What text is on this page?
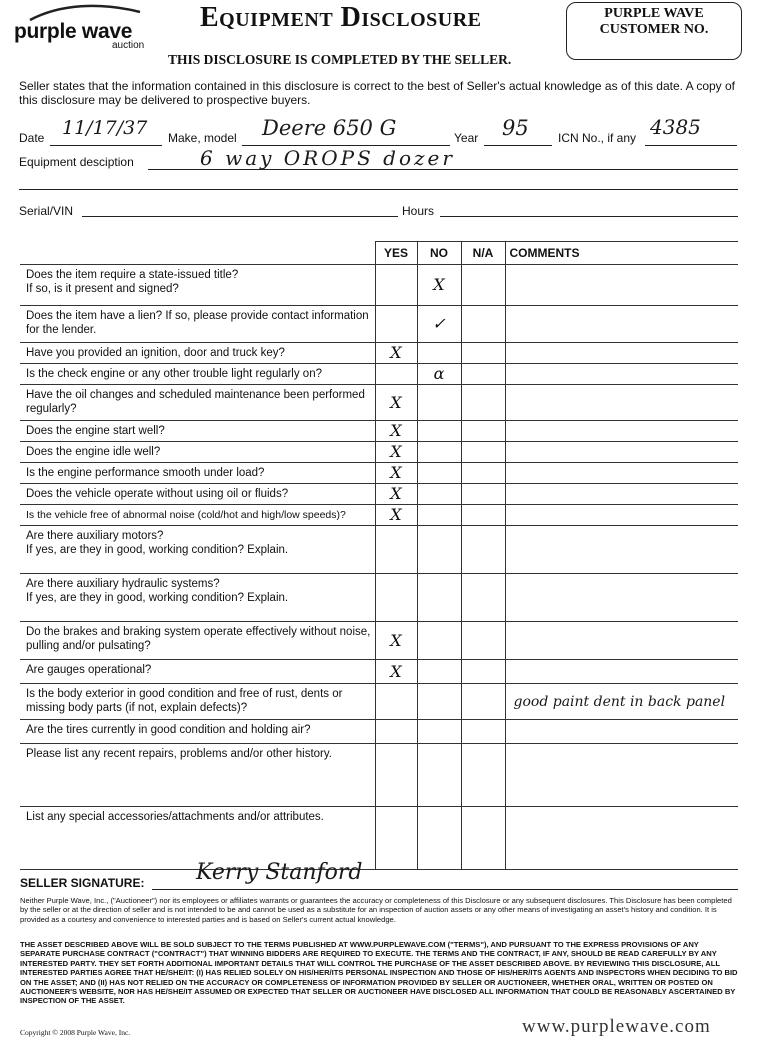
purple wave
auction
Equipment Disclosure
THIS DISCLOSURE IS COMPLETED BY THE SELLER.
PURPLE WAVE CUSTOMER NO.
Seller states that the information contained in this disclosure is correct to the best of Seller's actual knowledge as of this date. A copy of this disclosure may be delivered to prospective buyers.
Date 11/17/37 Make, model Deere 650 G	Year 95 ICN No., if any 4385
Equipment desciption	6 way OROPS dozer
Serial/VIN	Hours
	YES	NO	N/A	COMMENTS
Does the item require a state-issued title?
If so, is it present and signed?		X		
Does the item have a lien? If so, please provide contact information for the lender.		✓		
Have you provided an ignition, door and truck key?	X			
Is the check engine or any other trouble light regularly on?		α		
Have the oil changes and scheduled maintenance been performed regularly?	X			
Does the engine start well?	X			
Does the engine idle well?	X			
Is the engine performance smooth under load?	X			
Does the vehicle operate without using oil or fluids?	X			
Is the vehicle free of abnormal noise (cold/hot and high/low speeds)?	X			
Are there auxiliary motors?
If yes, are they in good, working condition? Explain.				
Are there auxiliary hydraulic systems?
If yes, are they in good, working condition? Explain.				
Do the brakes and braking system operate effectively without noise, pulling and/or pulsating?	X			
Are gauges operational?	X			
Is the body exterior in good condition and free of rust, dents or missing body parts (if not, explain defects)?				good paint dent in back panel
Are the tires currently in good condition and holding air?				
Please list any recent repairs, problems and/or other history.				
List any special accessories/attachments and/or attributes.				
SELLER SIGNATURE: Kerry Stanford
Neither Purple Wave, Inc., ("Auctioneer") nor its employees or affiliates warrants or guarantees the accuracy or completeness of this Disclosure or any subsequent disclosures. This Disclosure has been completed by the seller or at the direction of seller and is not intended to be and cannot be used as a substitute for an inspection of auction assets or any other means of investigating an asset's history and condition. It is provided as a courtesy and convenience to interested parties and is based on Seller's current actual knowledge.
THE ASSET DESCRIBED ABOVE WILL BE SOLD SUBJECT TO THE TERMS PUBLISHED AT WWW.PURPLEWAVE.COM ("TERMS"), AND PURSUANT TO THE EXPRESS PROVISIONS OF ANY SEPARATE PURCHASE CONTRACT ("CONTRACT") THAT WINNING BIDDERS ARE REQUIRED TO EXECUTE. THE TERMS AND THE CONTRACT, IF ANY, SHOULD BE READ CAREFULLY BY ANY INTERESTED PARTY. THEY SET FORTH ADDITIONAL IMPORTANT DETAILS THAT WILL CONTROL THE PURCHASE OF THE ASSET DESCRIBED ABOVE. BY REVIEWING THIS DISCLOSURE, ALL INTERESTED PARTIES AGREE THAT HE/SHE/IT: (I) HAS RELIED SOLELY ON HIS/HER/ITS PERSONAL INSPECTION AND THOSE OF HIS/HER/ITS AGENTS AND INSPECTORS WHEN DECIDING TO BID ON THE ASSET; AND (II) HAS NOT RELIED ON THE ACCURACY OR COMPLETENESS OF INFORMATION PROVIDED BY SELLER OR AUCTIONEER, WHETHER ORAL, WRITTEN OR POSTED ON AUCTIONEER'S WEBSITE, NOR HAS HE/SHE/IT ASSUMED OR EXPECTED THAT SELLER OR AUCTIONEER HAVE DISCLOSED ALL INFORMATION THAT COULD BE REASONABLY ASCERTAINED BY INSPECTION OF THE ASSET.
Copyright © 2008 Purple Wave, Inc.	www.purplewave.com
